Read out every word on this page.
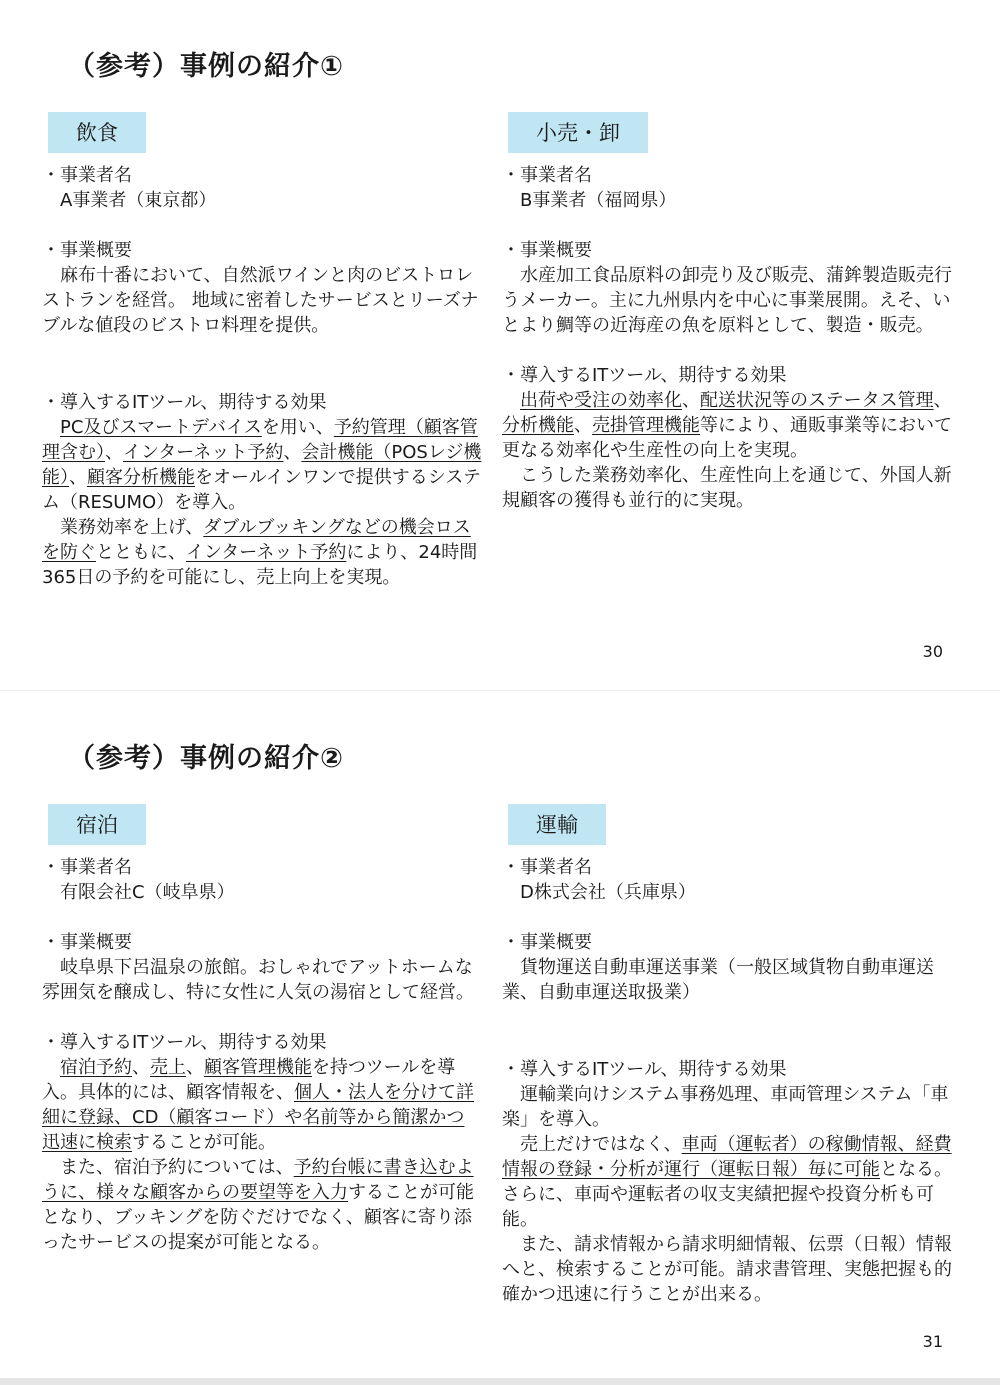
（参考）事例の紹介①
飲食
・事業者名
A事業者（東京都）
・事業概要

麻布十番において、自然派ワインと肉のビストロレストランを経営。 地域に密着したサービスとリーズナブルな値段のビストロ料理を提供。

・導入するITツール、期待する効果

PC及びスマートデバイスを用い、予約管理（顧客管理含む）、インターネット予約、会計機能（POSレジ機能）、顧客分析機能をオールインワンで提供するシステム（RESUMO）を導入。

業務効率を上げ、ダブルブッキングなどの機会ロスを防ぐとともに、インターネット予約により、24時間365日の予約を可能にし、売上向上を実現。

小売・卸
・事業者名
B事業者（福岡県）
・事業概要

水産加工食品原料の卸売り及び販売、蒲鉾製造販売行うメーカー。主に九州県内を中心に事業展開。えそ、いとより鯛等の近海産の魚を原料として、製造・販売。

・導入するITツール、期待する効果

出荷や受注の効率化、配送状況等のステータス管理、分析機能、売掛管理機能等により、通販事業等において更なる効率化や生産性の向上を実現。

こうした業務効率化、生産性向上を通じて、外国人新規顧客の獲得も並行的に実現。

30
（参考）事例の紹介②
宿泊
・事業者名
有限会社C（岐阜県）
・事業概要

岐阜県下呂温泉の旅館。おしゃれでアットホームな雰囲気を醸成し、特に女性に人気の湯宿として経営。

・導入するITツール、期待する効果

宿泊予約、売上、顧客管理機能を持つツールを導入。具体的には、顧客情報を、個人・法人を分けて詳細に登録、CD（顧客コード）や名前等から簡潔かつ迅速に検索することが可能。

また、宿泊予約については、予約台帳に書き込むように、様々な顧客からの要望等を入力することが可能となり、ブッキングを防ぐだけでなく、顧客に寄り添ったサービスの提案が可能となる。

運輸
・事業者名
D株式会社（兵庫県）
・事業概要

貨物運送自動車運送事業（一般区域貨物自動車運送業、自動車運送取扱業）

・導入するITツール、期待する効果

運輸業向けシステム事務処理、車両管理システム「車楽」を導入。

売上だけではなく、車両（運転者）の稼働情報、経費情報の登録・分析が運行（運転日報）毎に可能となる。さらに、車両や運転者の収支実績把握や投資分析も可能。

また、請求情報から請求明細情報、伝票（日報）情報へと、検索することが可能。請求書管理、実態把握も的確かつ迅速に行うことが出来る。

31
